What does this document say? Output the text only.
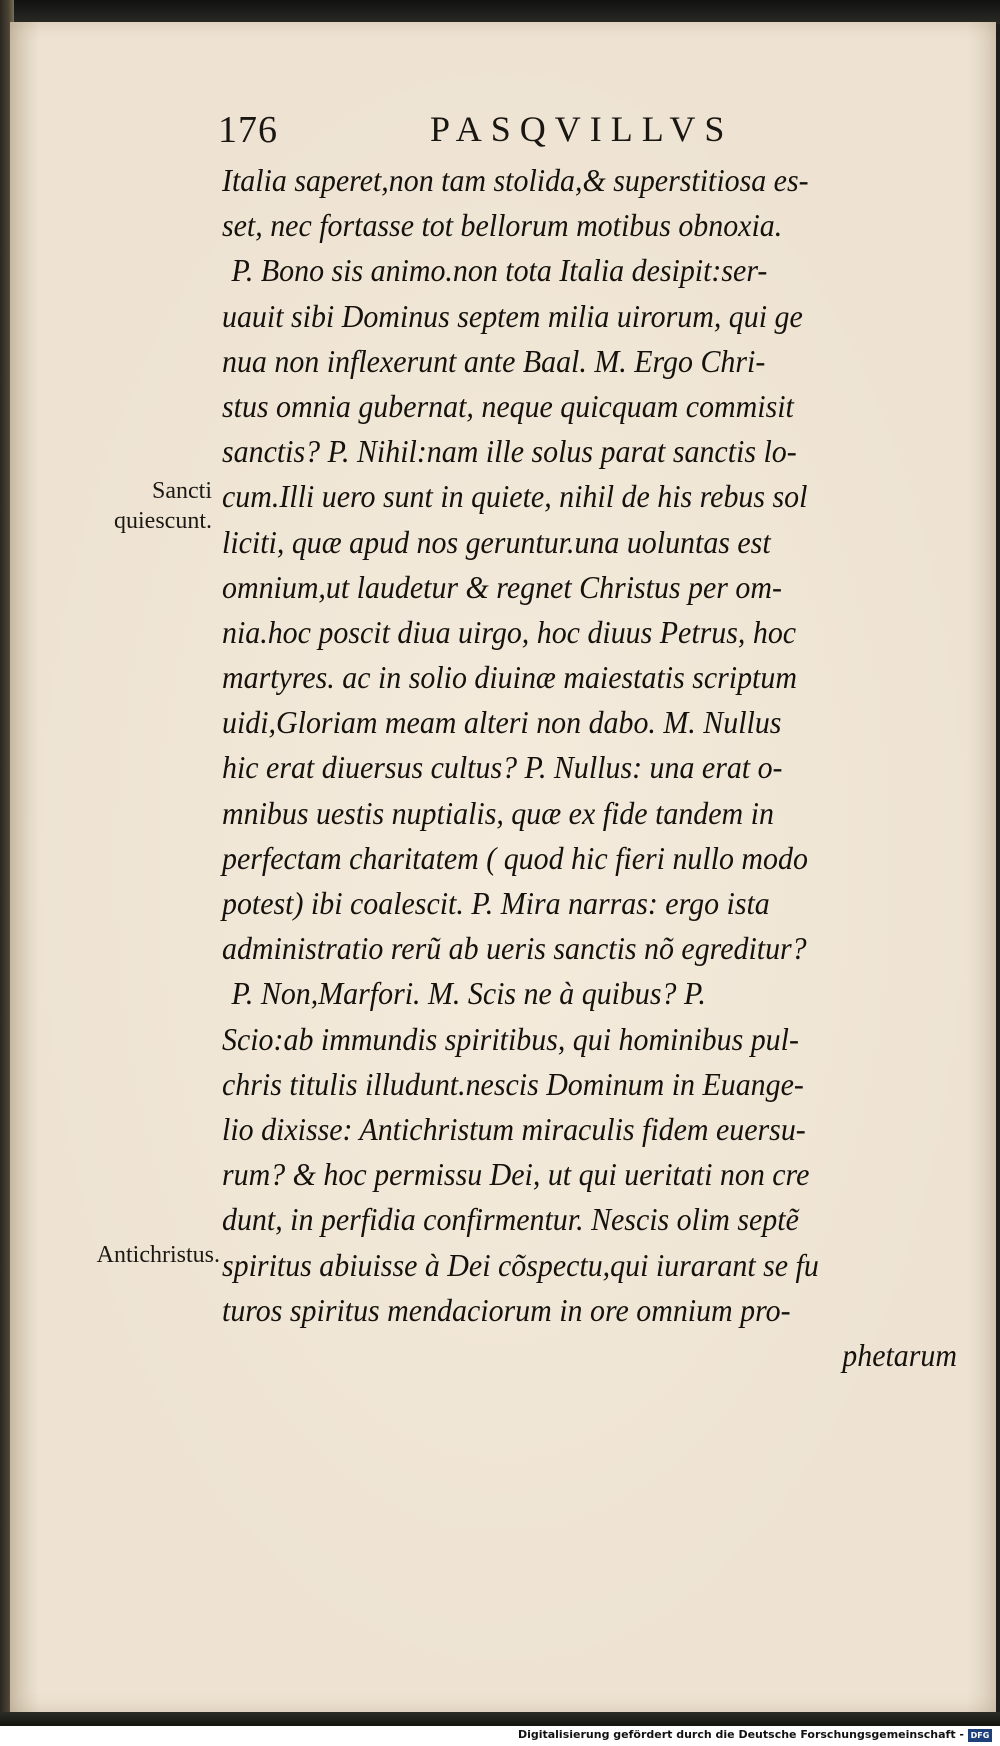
176	PASQVILLVS
Sancti
quiescunt.
Antichristus.
Italia saperet,non tam stolida,& superstitiosa es-
set, nec fortasse tot bellorum motibus obnoxia.
P. Bono sis animo.non tota Italia desipit:ser-
uauit sibi Dominus septem milia uirorum, qui ge
nua non inflexerunt ante Baal. M. Ergo Chri-
stus omnia gubernat, neque quicquam commisit
sanctis? P. Nihil:nam ille solus parat sanctis lo-
cum.Illi uero sunt in quiete, nihil de his rebus sol
liciti, quæ apud nos geruntur.una uoluntas est
omnium,ut laudetur & regnet Christus per om-
nia.hoc poscit diua uirgo, hoc diuus Petrus, hoc
martyres. ac in solio diuinæ maiestatis scriptum
uidi,Gloriam meam alteri non dabo. M. Nullus
hic erat diuersus cultus? P. Nullus: una erat o-
mnibus uestis nuptialis, quæ ex fide tandem in
perfectam charitatem ( quod hic fieri nullo modo
potest) ibi coalescit. P. Mira narras: ergo ista
administratio rerũ ab ueris sanctis nõ egreditur?
P. Non,Marfori. M. Scis ne à quibus? P.
Scio:ab immundis spiritibus, qui hominibus pul-
chris titulis illudunt.nescis Dominum in Euange-
lio dixisse: Antichristum miraculis fidem euersu-
rum? & hoc permissu Dei, ut qui ueritati non cre
dunt, in perfidia confirmentur. Nescis olim septẽ
spiritus abiuisse à Dei cõspectu,qui iurarant se fu
turos spiritus mendaciorum in ore omnium pro-
phetarum
Digitalisierung gefördert durch die Deutsche Forschungsgemeinschaft - DFG
